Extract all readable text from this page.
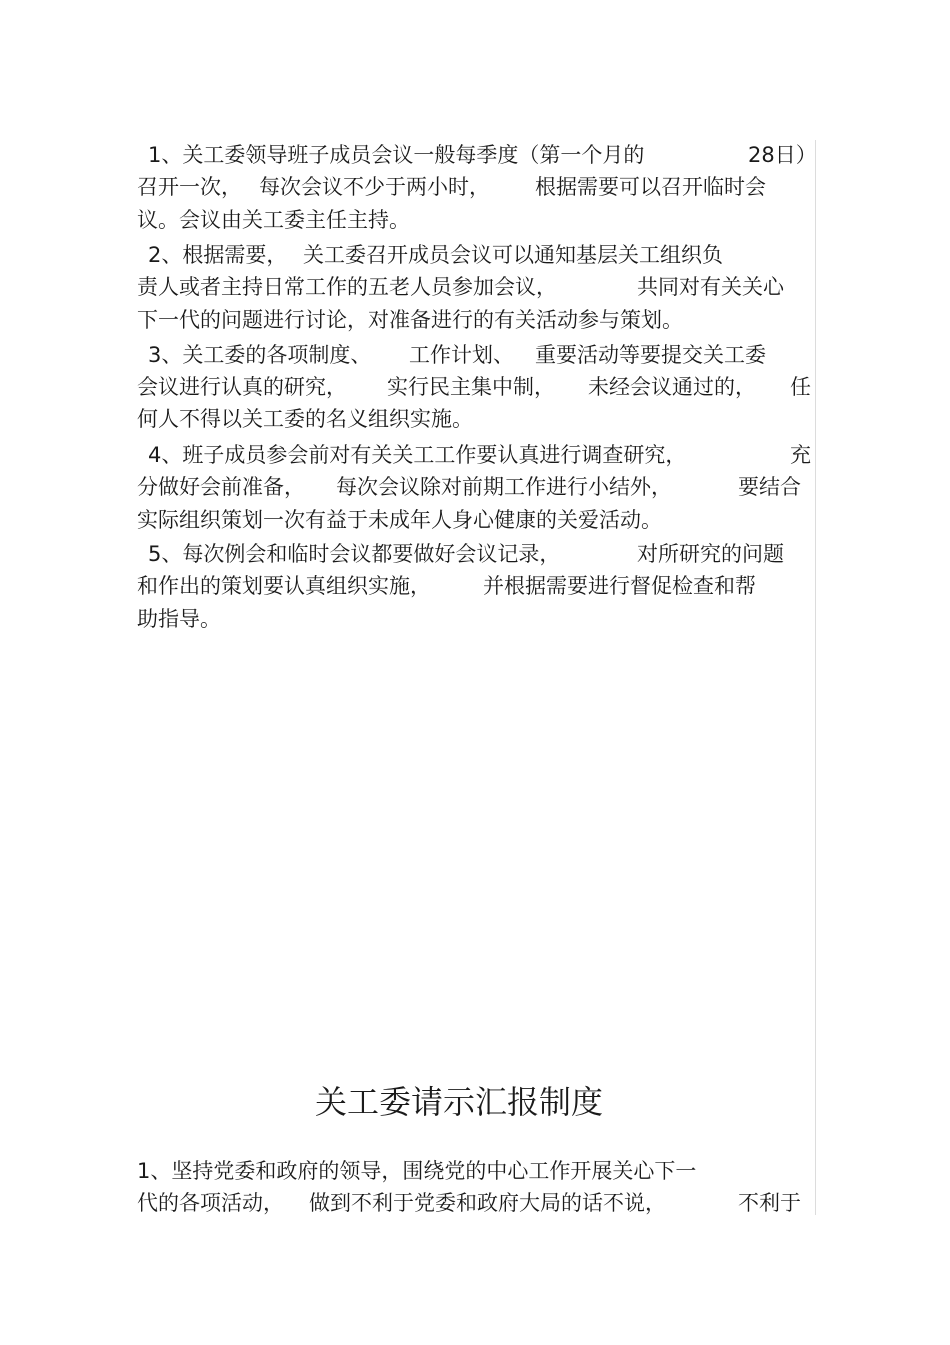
1、关工委领导班子成员会议一般每季度（第一个月的	28日）
召开一次， 每次会议不少于两小时， 根据需要可以召开临时会
议。会议由关工委主任主持。
2、根据需要， 关工委召开成员会议可以通知基层关工组织负
责人或者主持日常工作的五老人员参加会议，	共同对有关关心
下一代的问题进行讨论，对准备进行的有关活动参与策划。
3、关工委的各项制度、 工作计划、 重要活动等要提交关工委
会议进行认真的研究， 实行民主集中制， 未经会议通过的， 任
何人不得以关工委的名义组织实施。
4、班子成员参会前对有关关工工作要认真进行调查研究，	充
分做好会前准备， 每次会议除对前期工作进行小结外，	要结合
实际组织策划一次有益于未成年人身心健康的关爱活动。
5、每次例会和临时会议都要做好会议记录，	对所研究的问题
和作出的策划要认真组织实施， 并根据需要进行督促检查和帮
助指导。
关工委请示汇报制度
1、坚持党委和政府的领导，围绕党的中心工作开展关心下一
代的各项活动， 做到不利于党委和政府大局的话不说，	不利于
